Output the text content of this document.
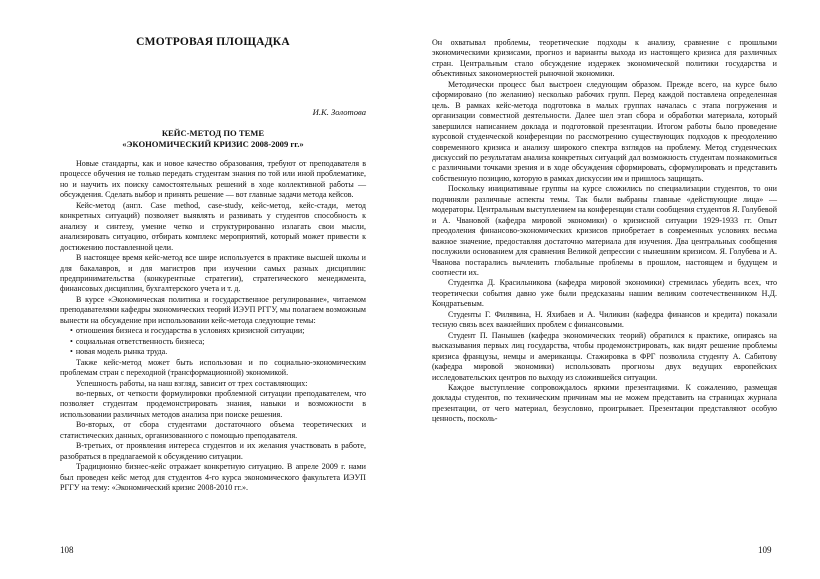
СМОТРОВАЯ ПЛОЩАДКА
И.К. Золотова
КЕЙС-МЕТОД ПО ТЕМЕ
«ЭКОНОМИЧЕСКИЙ КРИЗИС 2008-2009 гг.»

Новые стандарты, как и новое качество образования, требуют от преподавателя в процессе обучения не только передать студентам знания по той или иной проблематике, но и научить их поиску самостоятельных решений в ходе коллективной работы — обсуждения. Сделать выбор и принять решение — вот главные задачи метода кейсов.

Кейс-метод (англ. Case method, case-study, кейс-метод, кейс-стади, метод конкретных ситуаций) позволяет выявлять и развивать у студентов способность к анализу и синтезу, умение четко и структурированно излагать свои мысли, анализировать ситуацию, отбирать комплекс мероприятий, который может привести к достижению поставленной цели.

В настоящее время кейс-метод все шире используется в практике высшей школы и для бакалавров, и для магистров при изучении самых разных дисциплин: предпринимательства (конкурентные стратегии), стратегического менеджмента, финансовых дисциплин, бухгалтерского учета и т. д.

В курсе «Экономическая политика и государственное регулирование», читаемом преподавателями кафедры экономических теорий ИЭУП РГГУ, мы полагаем возможным вынести на обсуждение при использовании кейс-метода следующие темы:

• отношения бизнеса и государства в условиях кризисной ситуации;
• социальная ответственность бизнеса;
• новая модель рынка труда.

Также кейс-метод может быть использован и по социально-экономическим проблемам стран с переходной (трансформационной) экономикой.

Успешность работы, на наш взгляд, зависит от трех составляющих:

во-первых, от четкости формулировки проблемной ситуации преподавателем, что позволяет студентам продемонстрировать знания, навыки и возможности в использовании различных методов анализа при поиске решения.

Во-вторых, от сбора студентами достаточного объема теоретических и статистических данных, организованного с помощью преподавателя.

В-третьих, от проявления интереса студентов и их желания участвовать в работе, разобраться в предлагаемой к обсуждению ситуации.

Традиционно бизнес-кейс отражает конкретную ситуацию. В апреле 2009 г. нами был проведен кейс метод для студентов 4-го курса экономического факультета ИЭУП РГГУ на тему: «Экономический кризис 2008-2010 гг.».

108

Он охватывал проблемы, теоретические подходы к анализу, сравнение с прошлыми экономическими кризисами, прогноз и варианты выхода из настоящего кризиса для различных стран. Центральным стало обсуждение издержек экономической политики государства и объективных закономерностей рыночной экономики.

Методически процесс был выстроен следующим образом. Прежде всего, на курсе было сформировано (по желанию) несколько рабочих групп. Перед каждой поставлена определенная цель. В рамках кейс-метода подготовка в малых группах началась с этапа погружения и организации совместной деятельности. Далее шел этап сбора и обработки материала, который завершился написанием доклада и подготовкой презентации. Итогом работы было проведение курсовой студенческой конференции по рассмотрению существующих подходов к преодолению современного кризиса и анализу широкого спектра взглядов на проблему. Метод студенческих дискуссий по результатам анализа конкретных ситуаций дал возможность студентам познакомиться с различными точками зрения и в ходе обсуждения сформировать, сформулировать и представить собственную позицию, которую в рамках дискуссии им и пришлось защищать.

Поскольку инициативные группы на курсе сложились по специализации студентов, то они подчиняли различные аспекты темы. Так были выбраны главные «действующие лица» — модераторы. Центральным выступлением на конференции стали сообщения студентов Я. Голубевой и А. Чвановой (кафедра мировой экономики) о кризисной ситуации 1929-1933 гг. Опыт преодоления финансово-экономических кризисов приобретает в современных условиях весьма важное значение, предоставляя достаточно материала для изучения. Два центральных сообщения послужили основанием для сравнения Великой депрессии с нынешним кризисом. Я. Голубева и А. Чванова постарались вычленить глобальные проблемы в прошлом, настоящем и будущем и соотнести их.

Студентка Д. Красильникова (кафедра мировой экономики) стремилась убедить всех, что теоретически события давно уже были предсказаны нашим великим соотечественником Н.Д. Кондратьевым.

Студенты Г. Филявина, Н. Яхибаев и А. Чиликин (кафедра финансов и кредита) показали тесную связь всех важнейших проблем с финансовыми.

Студент П. Панышев (кафедра экономических теорий) обратился к практике, опираясь на высказывания первых лиц государства, чтобы продемонстрировать, как видят решение проблемы кризиса французы, немцы и американцы. Стажировка в ФРГ позволила студенту А. Сабитову (кафедра мировой экономики) использовать прогнозы двух ведущих европейских исследовательских центров по выходу из сложившейся ситуации.

Каждое выступление сопровождалось яркими презентациями. К сожалению, размещая доклады студентов, по техническим причинам мы не можем представить на страницах журнала презентации, от чего материал, безусловно, проигрывает. Презентации представляют особую ценность, посколь-

109
